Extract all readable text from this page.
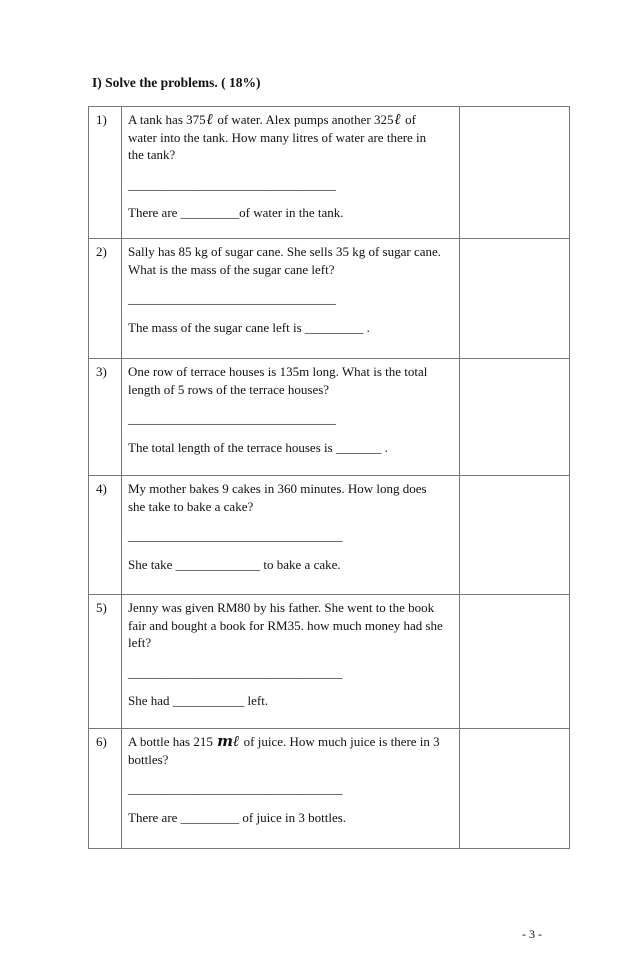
I) Solve the problems. ( 18%)
1)	A tank has 375ℓ of water. Alex pumps another 325ℓ of water into the tank. How many litres of water are there in the tank?
________________________________
There are _________of water in the tank.	

2)	Sally has 85 kg of sugar cane. She sells 35 kg of sugar cane. What is the mass of the sugar cane left?
________________________________
The mass of the sugar cane left is _________ .	

3)	One row of terrace houses is 135m long. What is the total length of 5 rows of the terrace houses?
________________________________
The total length of the terrace houses is _______ .	

4)	My mother bakes 9 cakes in 360 minutes. How long does she take to bake a cake?
_________________________________
She take _____________ to bake a cake.	

5)	Jenny was given RM80 by his father. She went to the book fair and bought a book for RM35. how much money had she left?
_________________________________
She had ___________ left.	

6)	A bottle has 215 mℓ of juice. How much juice is there in 3 bottles?
_________________________________
There are _________ of juice in 3 bottles.	

- 3 -
